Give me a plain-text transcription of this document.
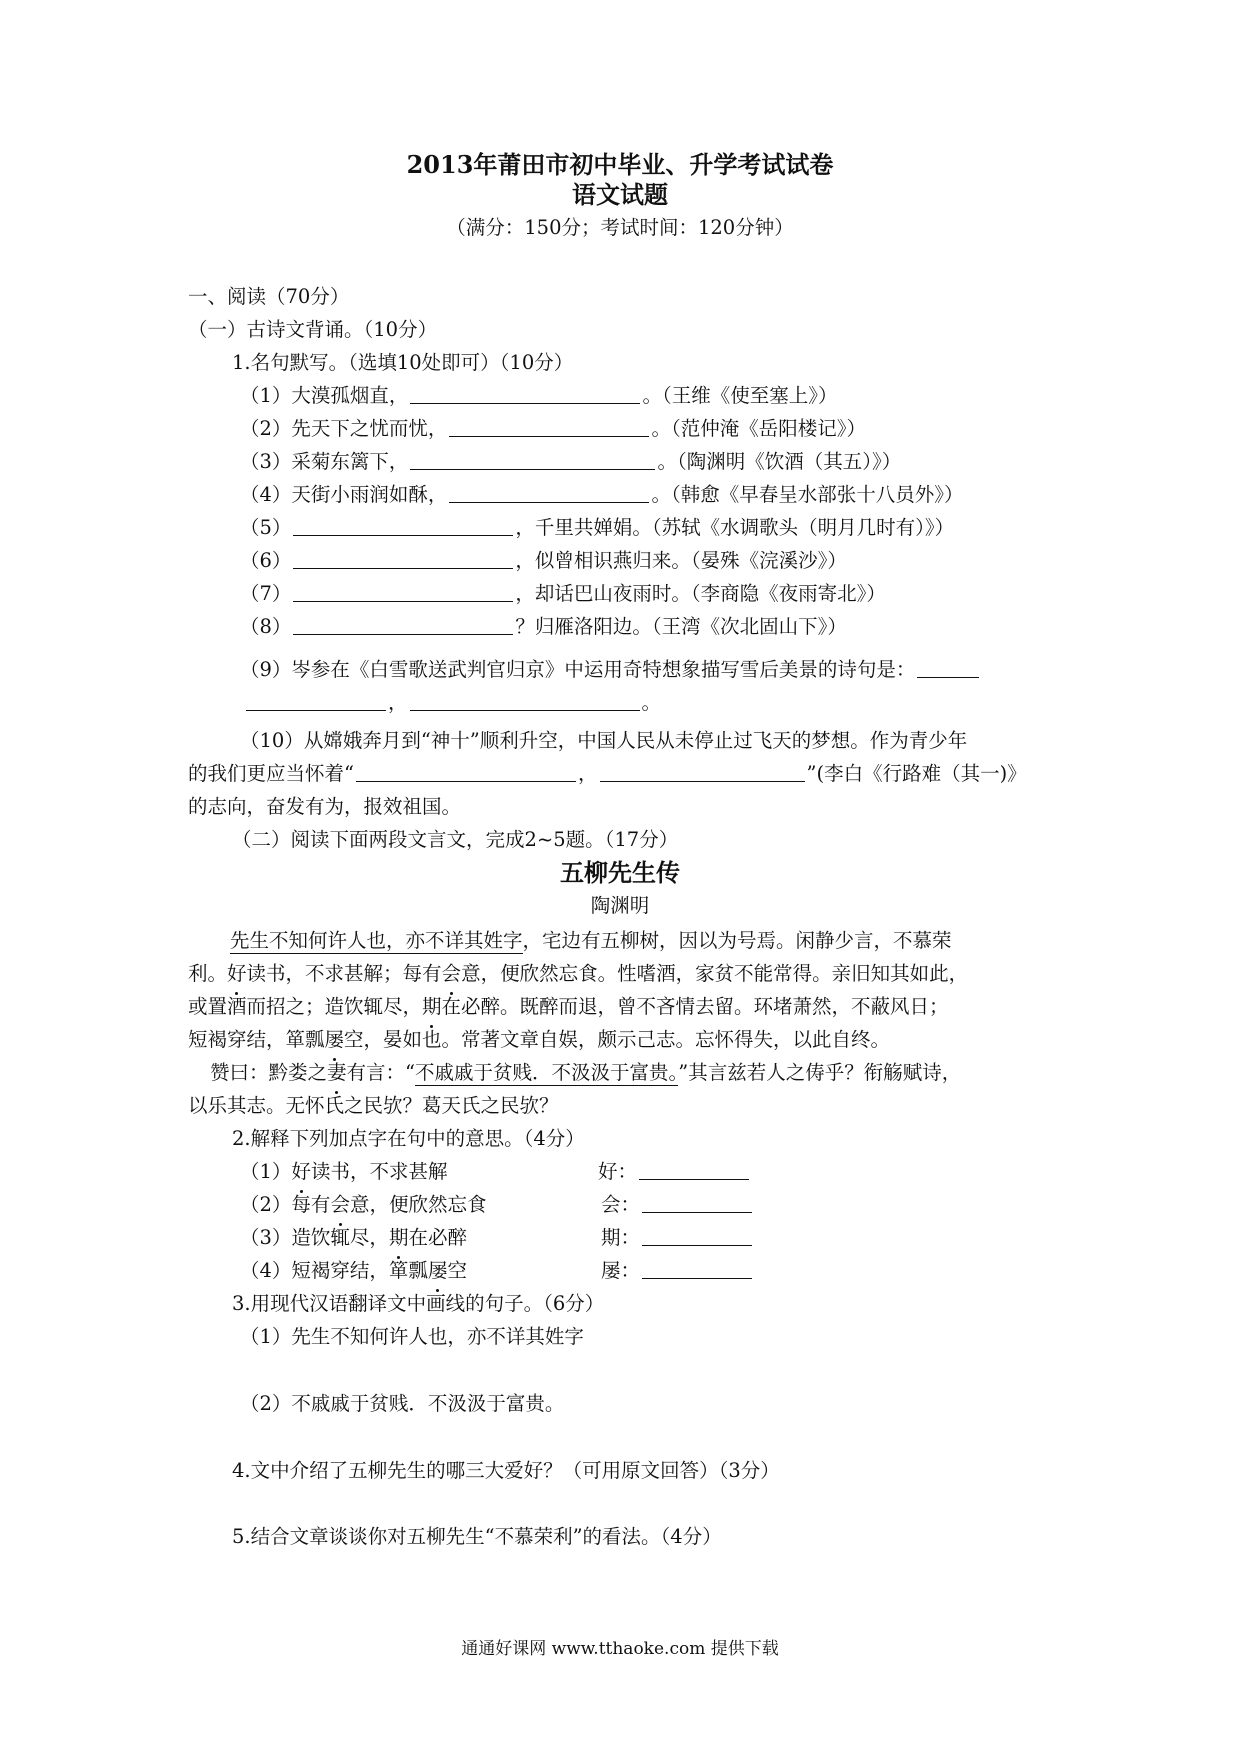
2013年莆田市初中毕业、升学考试试卷
语文试题
（满分：150分；考试时间：120分钟）
一、阅读（70分）
（一）古诗文背诵。（10分）
1.名句默写。（选填10处即可）（10分）
（1）大漠孤烟直，	。（王维《使至塞上》）
（2）先天下之忧而忧，	。（范仲淹《岳阳楼记》）
（3）采菊东篱下，	。（陶渊明《饮酒（其五）》）
（4）天街小雨润如酥，	。（韩愈《早春呈水部张十八员外》）
（5）	，千里共婵娟。（苏轼《水调歌头（明月几时有）》）
（6）	，似曾相识燕归来。（晏殊《浣溪沙》）
（7）	，却话巴山夜雨时。（李商隐《夜雨寄北》）
（8）	？归雁洛阳边。（王湾《次北固山下》）
（9）岑参在《白雪歌送武判官归京》中运用奇特想象描写雪后美景的诗句是：
，	。
（10）从嫦娥奔月到“神十”顺利升空，中国人民从未停止过飞天的梦想。作为青少年
的我们更应当怀着“	，	”(李白《行路难（其一)》
的志向，奋发有为，报效祖国。
（二）阅读下面两段文言文，完成2~5题。（17分）
五柳先生传
陶渊明
先生不知何许人也，亦不详其姓字，宅边有五柳树，因以为号焉。闲静少言，不慕荣
利。好读书，不求甚解；每有会意，便欣然忘食。性嗜酒，家贫不能常得。亲旧知其如此，
或置酒而招之；造饮辄尽，期在必醉。既醉而退，曾不吝情去留。环堵萧然，不蔽风日；
短褐穿结，箪瓢屡空，晏如也。常著文章自娱，颇示己志。忘怀得失，以此自终。
赞曰：黔娄之妻有言：“不戚戚于贫贱．不汲汲于富贵。”其言兹若人之俦乎？衔觞赋诗，
以乐其志。无怀氏之民欤？葛天氏之民欤？
2.解释下列加点字在句中的意思。（4分）
（1）好读书，不求甚解	好：
（2）每有会意，便欣然忘食	会：
（3）造饮辄尽，期在必醉	期：
（4）短褐穿结，箪瓢屡空	屡：
3.用现代汉语翻译文中画线的句子。（6分）
（1）先生不知何许人也，亦不详其姓字
（2）不戚戚于贫贱．不汲汲于富贵。
4.文中介绍了五柳先生的哪三大爱好？（可用原文回答）（3分）
5.结合文章谈谈你对五柳先生“不慕荣利”的看法。（4分）
通通好课网 www.tthaoke.com 提供下载
